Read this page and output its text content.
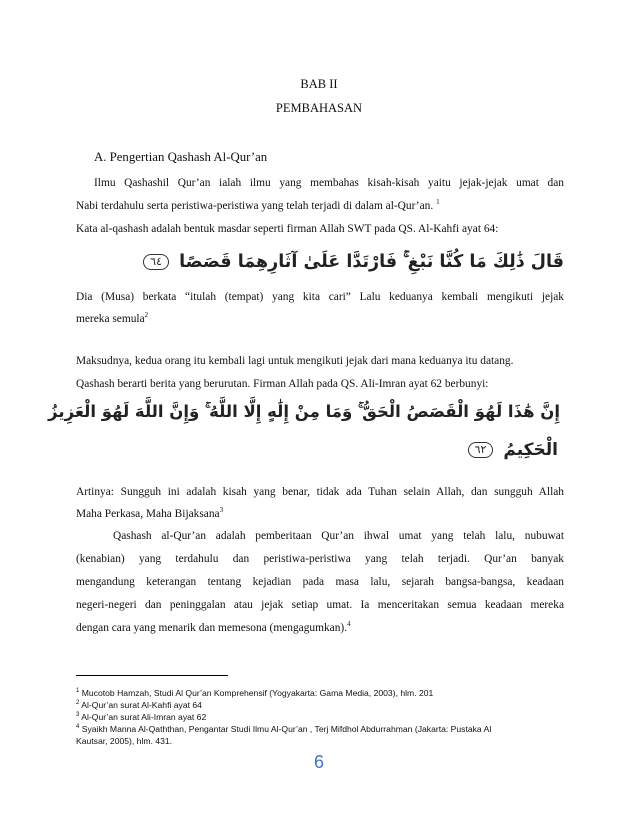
BAB II
PEMBAHASAN
A. Pengertian Qashash Al-Qur’an
Ilmu Qashashil Qur’an ialah ilmu yang membahas kisah-kisah yaitu jejak-jejak umat dan
Nabi terdahulu serta peristiwa-peristiwa yang telah terjadi di dalam al-Qur’an. $^1$
Kata al-qashash adalah bentuk masdar seperti firman Allah SWT pada QS. Al-Kahfi ayat 64:
قَالَ ذَٰلِكَ مَا كُنَّا نَبْغِ ۚ فَارْتَدَّا عَلَىٰ آثَارِهِمَا قَصَصًا ٦٤
Dia (Musa) berkata “itulah (tempat) yang kita cari” Lalu keduanya kembali mengikuti jejak
mereka semula$^2$
Maksudnya, kedua orang itu kembali lagi untuk mengikuti jejak dari mana keduanya itu datang.
Qashash berarti berita yang berurutan. Firman Allah pada QS. Ali-Imran ayat 62 berbunyi:
إِنَّ هَٰذَا لَهُوَ الْقَصَصُ الْحَقُّ ۚ وَمَا مِنْ إِلَٰهٍ إِلَّا اللَّهُ ۚ وَإِنَّ اللَّهَ لَهُوَ الْعَزِيزُ
الْحَكِيمُ ٦٢
Artinya: Sungguh ini adalah kisah yang benar, tidak ada Tuhan selain Allah, dan sungguh Allah
Maha Perkasa, Maha Bijaksana$^3$
Qashash al-Qur’an adalah pemberitaan Qur’an ihwal umat yang telah lalu, nubuwat
(kenabian) yang terdahulu dan peristiwa-peristiwa yang telah terjadi. Qur’an banyak
mengandung keterangan tentang kejadian pada masa lalu, sejarah bangsa-bangsa, keadaan
negeri-negeri dan peninggalan atau jejak setiap umat. Ia menceritakan semua keadaan mereka
dengan cara yang menarik dan memesona (mengagumkan).$^4$
$^1$ Mucotob Hamzah, Studi Al Qur’an Komprehensif (Yogyakarta: Gama Media, 2003), hlm. 201
$^2$ Al-Qur’an surat Al-Kahfi ayat 64
$^3$ Al-Qur’an surat Ali-Imran ayat 62
$^4$ Syaikh Manna Al-Qaththan, Pengantar Studi Ilmu Al-Qur’an , Terj Mifdhol Abdurrahman (Jakarta: Pustaka Al
Kautsar, 2005), hlm. 431.
6
